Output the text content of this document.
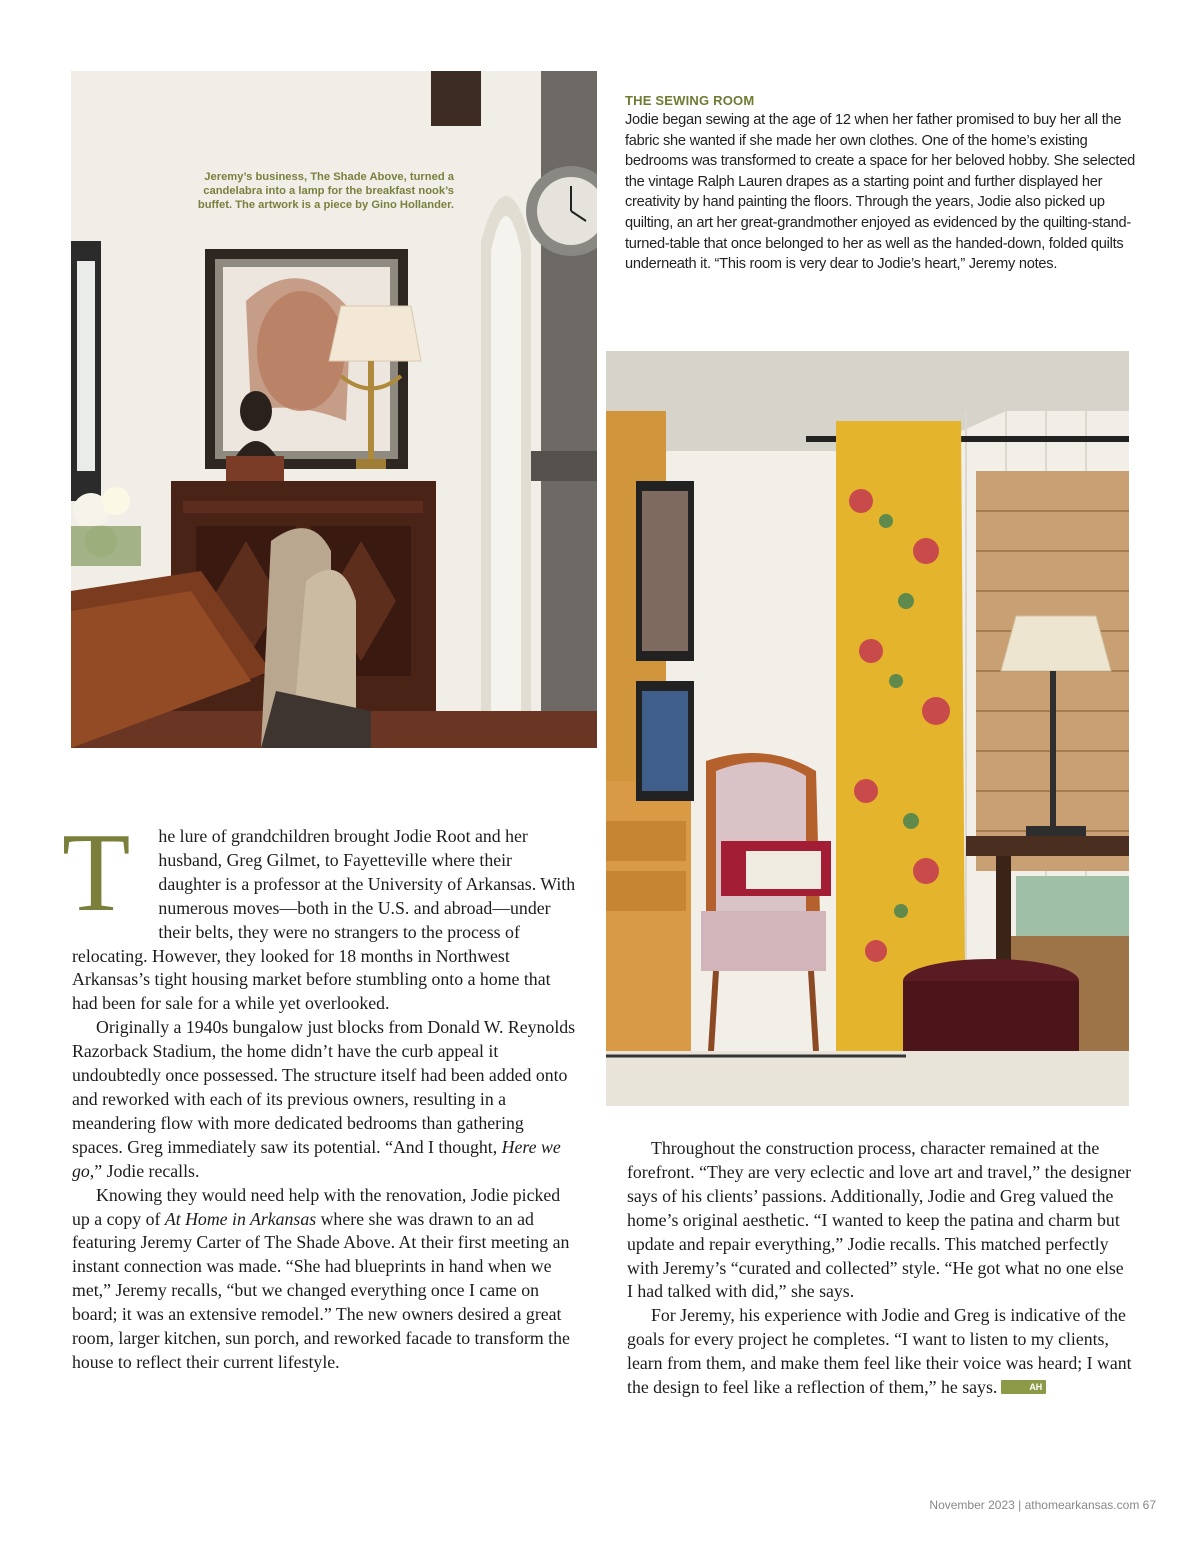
Jeremy’s business, The Shade Above, turned a candelabra into a lamp for the breakfast nook’s buffet. The artwork is a piece by Gino Hollander.
THE SEWING ROOM
Jodie began sewing at the age of 12 when her father promised to buy her all the fabric she wanted if she made her own clothes. One of the home’s existing bedrooms was transformed to create a space for her beloved hobby. She selected the vintage Ralph Lauren drapes as a starting point and further displayed her creativity by hand painting the floors. Through the years, Jodie also picked up quilting, an art her great-grandmother enjoyed as evidenced by the quilting-stand-turned-table that once belonged to her as well as the handed-down, folded quilts underneath it. “This room is very dear to Jodie’s heart,” Jeremy notes.

T he lure of grandchildren brought Jodie Root and her husband, Greg Gilmet, to Fayetteville where their daughter is a professor at the University of Arkansas. With numerous moves—both in the U.S. and abroad—under their belts, they were no strangers to the process of relocating. However, they looked for 18 months in Northwest Arkansas’s tight housing market before stumbling onto a home that had been for sale for a while yet overlooked.

Originally a 1940s bungalow just blocks from Donald W. Reynolds Razorback Stadium, the home didn’t have the curb appeal it undoubtedly once possessed. The structure itself had been added onto and reworked with each of its previous owners, resulting in a meandering flow with more dedicated bedrooms than gathering spaces. Greg immediately saw its potential. “And I thought, Here we go,” Jodie recalls.

Knowing they would need help with the renovation, Jodie picked up a copy of At Home in Arkansas where she was drawn to an ad featuring Jeremy Carter of The Shade Above. At their first meeting an instant connection was made. “She had blueprints in hand when we met,” Jeremy recalls, “but we changed everything once I came on board; it was an extensive remodel.” The new owners desired a great room, larger kitchen, sun porch, and reworked facade to transform the house to reflect their current lifestyle.

Throughout the construction process, character remained at the forefront. “They are very eclectic and love art and travel,” the designer says of his clients’ passions. Additionally, Jodie and Greg valued the home’s original aesthetic. “I wanted to keep the patina and charm but update and repair everything,” Jodie recalls. This matched perfectly with Jeremy’s “curated and collected” style. “He got what no one else I had talked with did,” she says.

For Jeremy, his experience with Jodie and Greg is indicative of the goals for every project he completes. “I want to listen to my clients, learn from them, and make them feel like their voice was heard; I want the design to feel like a reflection of them,” he says.	AH

November 2023 | athomearkansas.com 67
